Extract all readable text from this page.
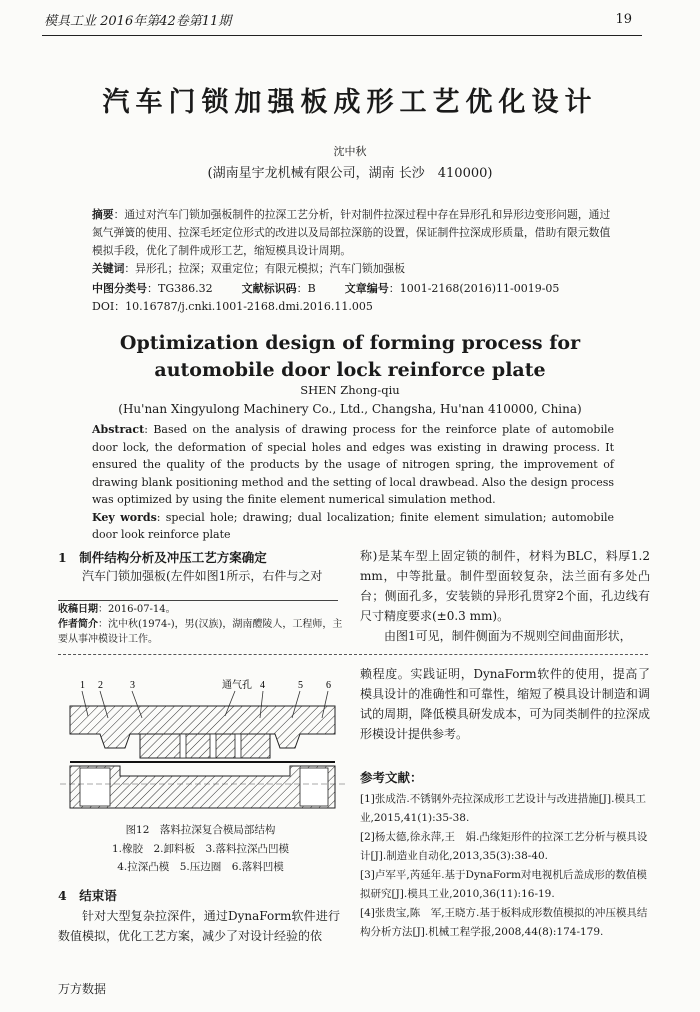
模具工业 2016年第42卷第11期	19
汽车门锁加强板成形工艺优化设计
沈中秋
(湖南星宇龙机械有限公司，湖南 长沙　410000)
摘要：通过对汽车门锁加强板制件的拉深工艺分析，针对制件拉深过程中存在异形孔和异形边变形问题，通过氮气弹簧的使用、拉深毛坯定位形式的改进以及局部拉深筋的设置，保证制件拉深成形质量，借助有限元数值模拟手段，优化了制件成形工艺，缩短模具设计周期。
关键词：异形孔；拉深；双重定位；有限元模拟；汽车门锁加强板
中图分类号：TG386.32	文献标识码：B	文章编号：1001-2168(2016)11-0019-05
DOI：10.16787/j.cnki.1001-2168.dmi.2016.11.005
Optimization design of forming process for
automobile door lock reinforce plate
SHEN Zhong-qiu
(Hu'nan Xingyulong Machinery Co., Ltd., Changsha, Hu'nan 410000, China)
Abstract: Based on the analysis of drawing process for the reinforce plate of automobile door lock, the deformation of special holes and edges was existing in drawing process. It ensured the quality of the products by the usage of nitrogen spring, the improvement of drawing blank positioning method and the setting of local drawbead. Also the design process was optimized by using the finite element numerical simulation method.
Key words: special hole; drawing; dual localization; finite element simulation; automobile door look reinforce plate
1　制件结构分析及冲压工艺方案确定
汽车门锁加强板(左件如图1所示，右件与之对
称)是某车型上固定锁的制件，材料为BLC，料厚1.2 mm，中等批量。制件型面较复杂，法兰面有多处凸台；侧面孔多，安装锁的异形孔贯穿2个面，孔边线有尺寸精度要求(±0.3 mm)。
由图1可见，制件侧面为不规则空间曲面形状，
收稿日期：2016-07-14。
作者简介：沈中秋(1974-)，男(汉族)，湖南醴陵人，工程师，主要从事冲模设计工作。
1 2	3	通气孔 4	5 6
图12　落料拉深复合模局部结构
1.橡胶　2.卸料板　3.落料拉深凸凹模
4.拉深凸模　5.压边圈　6.落料凹模
4　结束语
针对大型复杂拉深件，通过DynaForm软件进行数值模拟，优化工艺方案，减少了对设计经验的依
赖程度。实践证明，DynaForm软件的使用，提高了模具设计的准确性和可靠性，缩短了模具设计制造和调试的周期，降低模具研发成本，可为同类制件的拉深成形模设计提供参考。
参考文献：
[1]张成浩.不锈钢外壳拉深成形工艺设计与改进措施[J].模具工业,2015,41(1):35-38.
[2]杨太德,徐永萍,王　娟.凸缘矩形件的拉深工艺分析与模具设计[J].制造业自动化,2013,35(3):38-40.
[3]卢军平,芮延年.基于DynaForm对电视机后盖成形的数值模拟研究[J].模具工业,2010,36(11):16-19.
[4]张贵宝,陈　军,王晓方.基于板料成形数值模拟的冲压模具结构分析方法[J].机械工程学报,2008,44(8):174-179.
万方数据
